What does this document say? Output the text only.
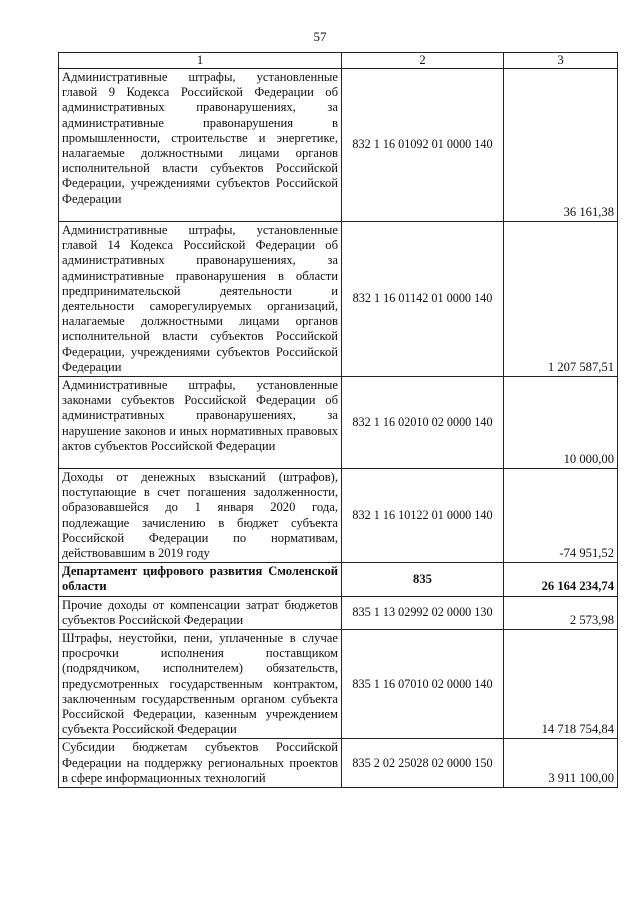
57
1	2	3
Административные штрафы, установленные главой 9 Кодекса Российской Федерации об административных правонарушениях, за административные правонарушения в промышленности, строительстве и энергетике, налагаемые должностными лицами органов исполнительной власти субъектов Российской Федерации, учреждениями субъектов Российской Федерации	832 1 16 01092 01 0000 140	36 161,38
Административные штрафы, установленные главой 14 Кодекса Российской Федерации об административных правонарушениях, за административные правонарушения в области предпринимательской деятельности и деятельности саморегулируемых организаций, налагаемые должностными лицами органов исполнительной власти субъектов Российской Федерации, учреждениями субъектов Российской Федерации	832 1 16 01142 01 0000 140	1 207 587,51
Административные штрафы, установленные законами субъектов Российской Федерации об административных правонарушениях, за нарушение законов и иных нормативных правовых актов субъектов Российской Федерации	832 1 16 02010 02 0000 140	10 000,00
Доходы от денежных взысканий (штрафов), поступающие в счет погашения задолженности, образовавшейся до 1 января 2020 года, подлежащие зачислению в бюджет субъекта Российской Федерации по нормативам, действовавшим в 2019 году	832 1 16 10122 01 0000 140	-74 951,52
Департамент цифрового развития Смоленской области	835	26 164 234,74
Прочие доходы от компенсации затрат бюджетов субъектов Российской Федерации	835 1 13 02992 02 0000 130	2 573,98
Штрафы, неустойки, пени, уплаченные в случае просрочки исполнения поставщиком (подрядчиком, исполнителем) обязательств, предусмотренных государственным контрактом, заключенным государственным органом субъекта Российской Федерации, казенным учреждением субъекта Российской Федерации	835 1 16 07010 02 0000 140	14 718 754,84
Субсидии бюджетам субъектов Российской Федерации на поддержку региональных проектов в сфере информационных технологий	835 2 02 25028 02 0000 150	3 911 100,00
